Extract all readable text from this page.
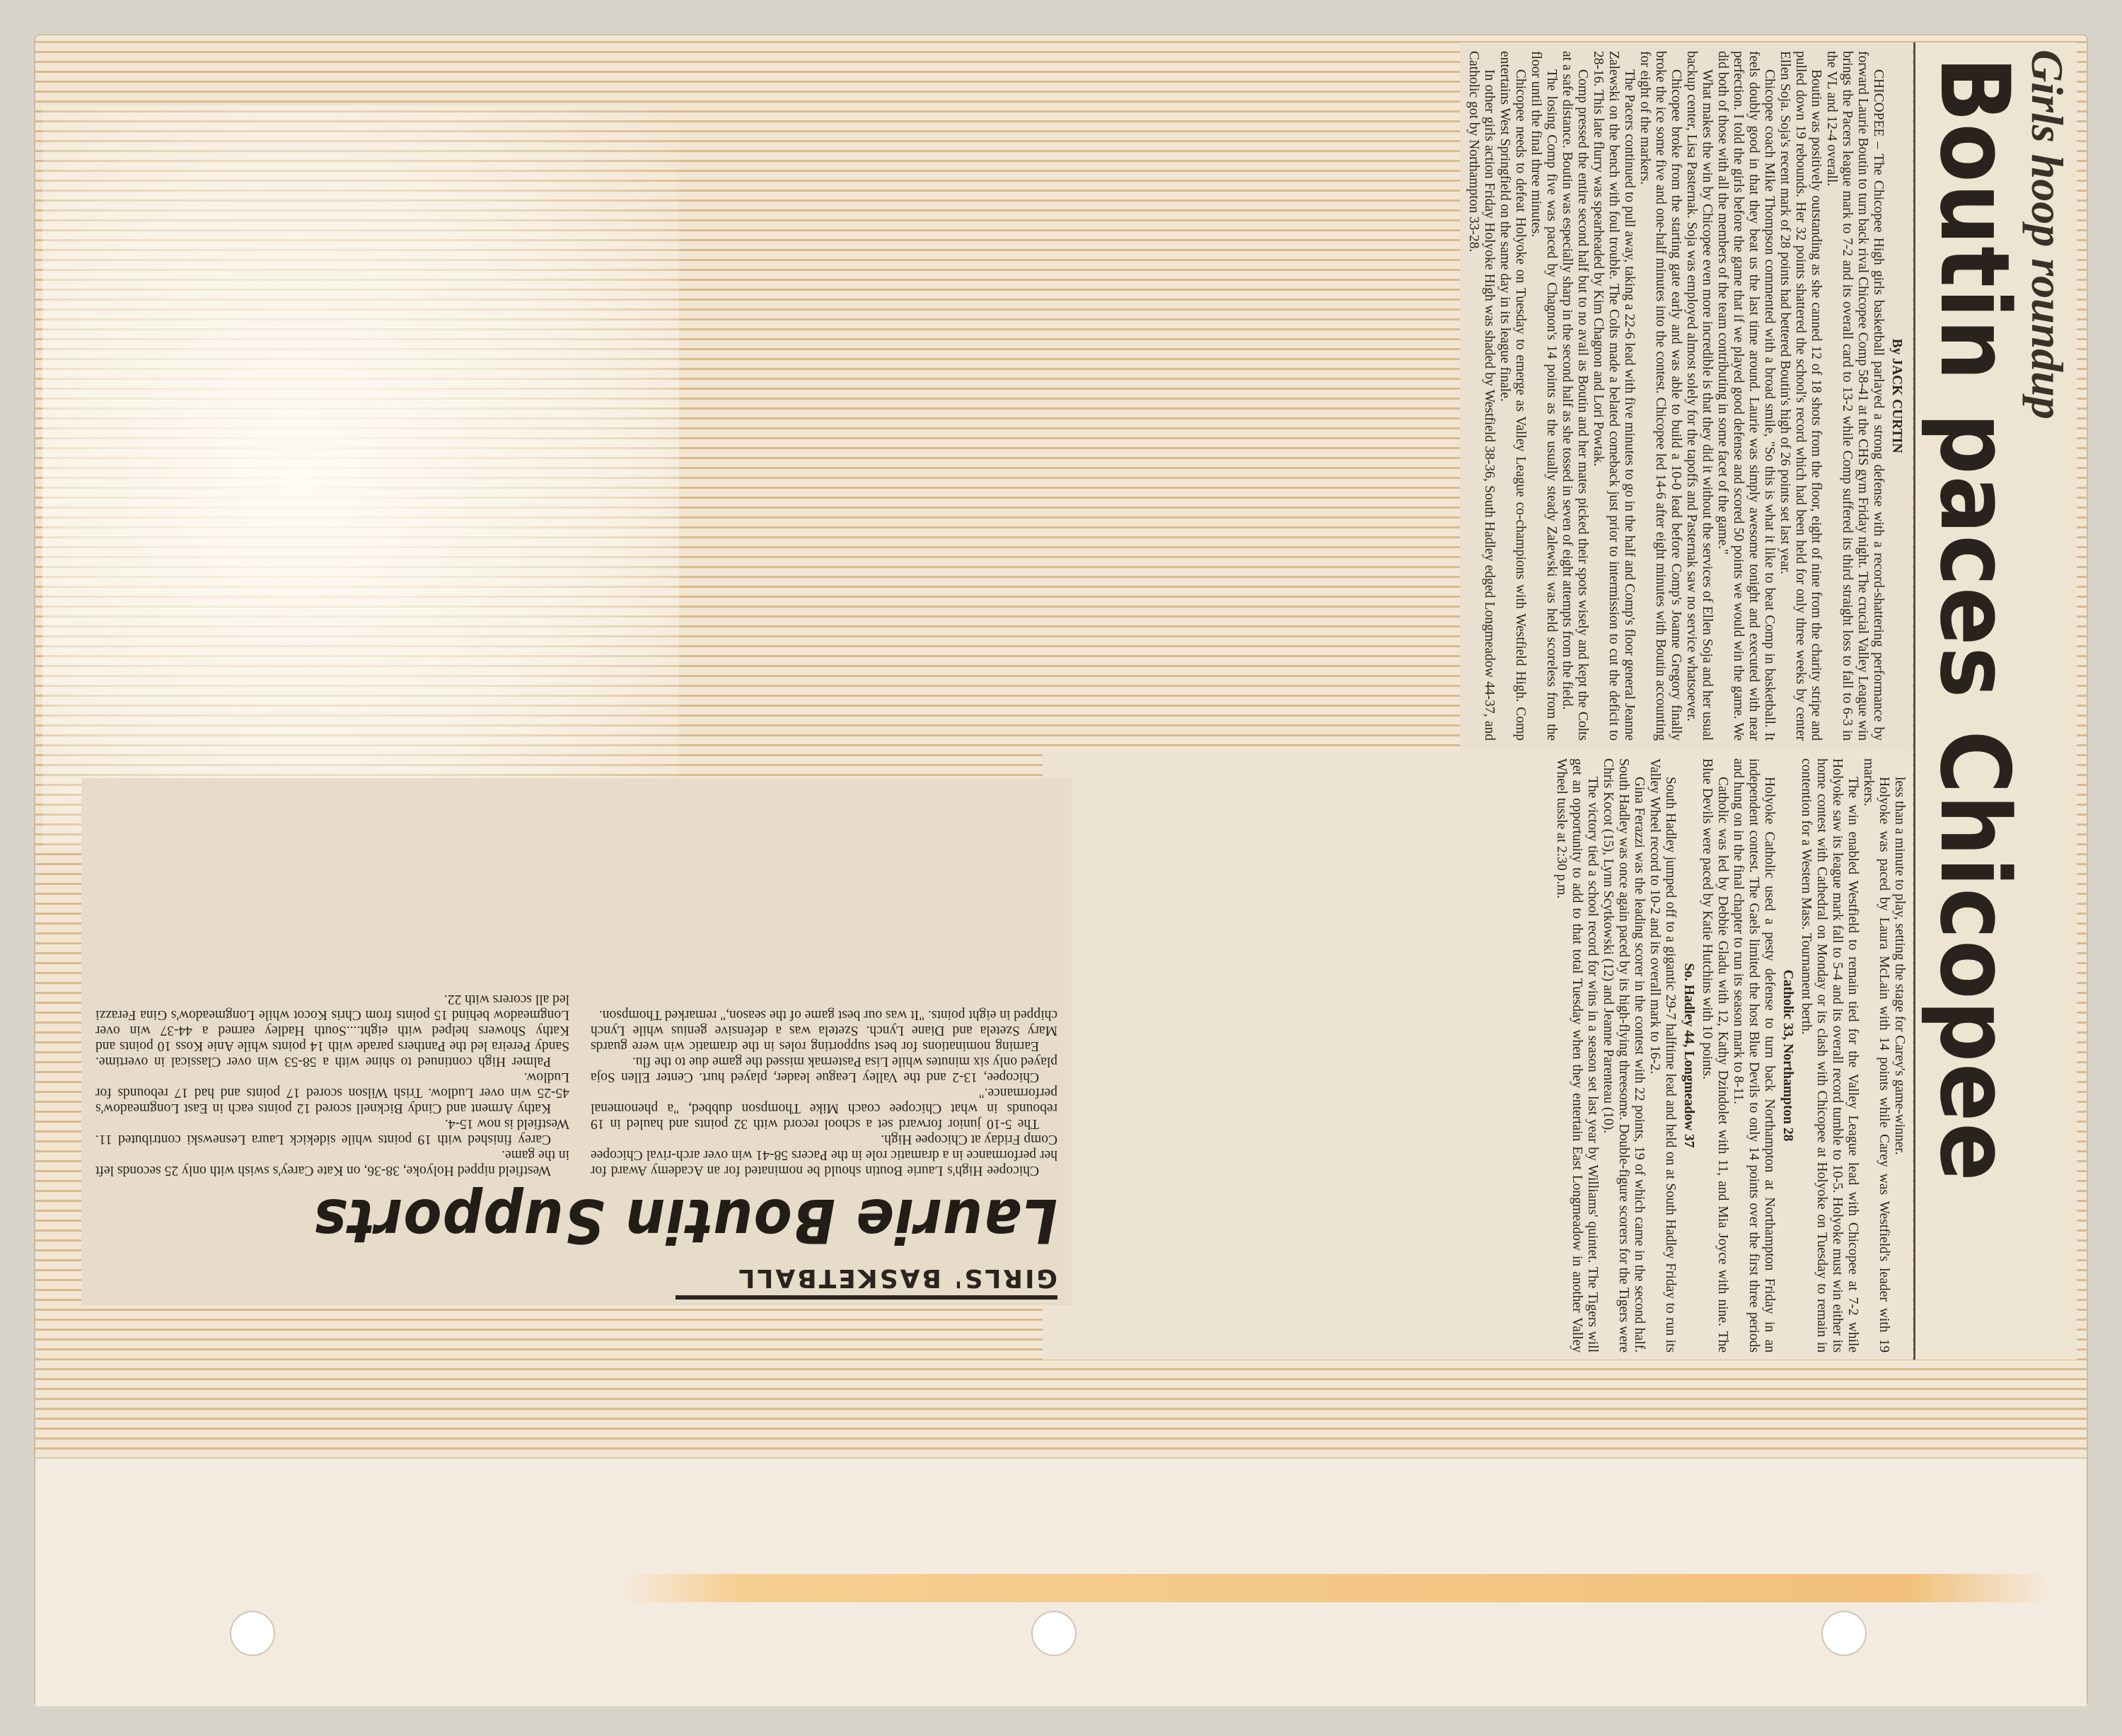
Girls hoop roundup
Boutin paces Chicopee

By JACK CURTIN

CHICOPEE – The Chicopee High girls basketball parlayed a strong defense with a record-shattering performance by forward Laurie Boutin to turn back rival Chicopee Comp 58-41 at the CHS gym Friday night. The crucial Valley League win brings the Pacers league mark to 7-2 and its overall card to 13-2 while Comp suffered its third straight loss to fall to 6-3 in the VL and 12-4 overall.

Boutin was positively outstanding as she canned 12 of 18 shots from the floor, eight of nine from the charity stripe and pulled down 19 rebounds. Her 32 points shattered the school's record which had been held for only three weeks by center Ellen Soja. Soja's recent mark of 28 points had bettered Boutin's high of 26 points set last year.

Chicopee coach Mike Thompson commented with a broad smile, "So this is what it like to beat Comp in basketball. It feels doubly good in that they beat us the last time around. Laurie was simply awesome tonight and executed with near perfection. I told the girls before the game that if we played good defense and scored 50 points we would win the game. We did both of those with all the members of the team contributing in some facet of the game."

What makes the win by Chicopee even more incredible is that they did it without the services of Ellen Soja and her usual backup center, Lisa Pasternak. Soja was employed almost solely for the tapoffs and Pasternak saw no service whatsoever.

Chicopee broke from the starting gate early and was able to build a 10-0 lead before Comp's Joanne Gregory finally broke the ice some five and one-half minutes into the contest. Chicopee led 14-6 after eight minutes with Boutin accounting for eight of the markers.

The Pacers continued to pull away, taking a 22-6 lead with five minutes to go in the half and Comp's floor general Jeanne Zalewski on the bench with foul trouble. The Colts made a belated comeback just prior to intermission to cut the deficit to 28-16. This late flurry was spearheaded by Kim Chagnon and Lori Powtak.

Comp pressed the entire second half but to no avail as Boutin and her mates picked their spots wisely and kept the Colts at a safe distance. Boutin was especially sharp in the second half as she tossed in seven of eight attempts from the field.

The losing Comp five was paced by Chagnon's 14 points as the usually steady Zalewski was held scoreless from the floor until the final three minutes.

Chicopee needs to defeat Holyoke on Tuesday to emerge as Valley League co-champions with Westfield High. Comp entertains West Springfield on the same day in its league finale.

In other girls action Friday Holyoke High was shaded by Westfield 38-36, South Hadley edged Longmeadow 44-37, and Catholic got by Northampton 33-28.

less than a minute to play, setting the stage for Carey's game-winner.

Holyoke was paced by Laura McLain with 14 points while Carey was Westfield's leader with 19 markers.

The win enabled Westfield to remain tied for the Valley League lead with Chicopee at 7-2 while Holyoke saw its league mark fall to 5-4 and its overall record tumble to 10-5. Holyoke must win either its home contest with Cathedral on Monday or its clash with Chicopee at Holyoke on Tuesday to remain in contention for a Western Mass. Tournament berth.

Catholic 33, Northampton 28

Holyoke Catholic used a pesty defense to turn back Northampton at Northampton Friday in an independent contest. The Gaels limited the host Blue Devils to only 14 points over the first three periods and hung on in the final chapter to run its season mark to 8-11.

Catholic was led by Debbie Gladu with 12, Kathy Dzindolet with 11, and Mia Joyce with nine. The Blue Devils were paced by Katie Hutchins with 10 points.

So. Hadley 44, Longmeadow 37

South Hadley jumped off to a gigantic 29-7 halftime lead and held on at South Hadley Friday to run its Valley Wheel record to 10-2 and its overall mark to 16-2.

Gina Ferazzi was the leading scorer in the contest with 22 points, 19 of which came in the second half. South Hadley was once again paced by its high-flying threesome. Double-figure scorers for the Tigers were Chris Kocot (15), Lynn Scytkowski (12) and Jeanne Parenteau (10).

The victory tied a school record for wins in a season set last year by Williams' quintet. The Tigers will get an opportunity to add to that total Tuesday when they entertain East Longmeadow in another Valley Wheel tussle at 2:30 p.m.

GIRLS' BASKETBALL
Laurie Boutin Supports

Chicopee High's Laurie Boutin should be nominated for an Academy Award for her performance in a dramatic role in the Pacers 58-41 win over arch-rival Chicopee Comp Friday at Chicopee High.

The 5-10 junior forward set a school record with 32 points and hauled in 19 rebounds in what Chicopee coach Mike Thompson dubbed, "a phenomenal performance."

Chicopee, 13-2 and the Valley League leader, played hurt. Center Ellen Soja played only six minutes while Lisa Pasternak missed the game due to the flu.

Earning nominations for best supporting roles in the dramatic win were guards Mary Szetela and Diane Lynch. Szetela was a defensive genius while Lynch chipped in eight points. "It was our best game of the season," remarked Thompson.

Westfield nipped Holyoke, 38-36, on Kate Carey's swish with only 25 seconds left in the game.

Carey finished with 19 points while sidekick Laura Lesnewski contributed 11. Westfield is now 15-4.

Kathy Arment and Cindy Bicknell scored 12 points each in East Longmeadow's 45-25 win over Ludlow. Trish Wilson scored 17 points and had 17 rebounds for Ludlow.

Palmer High continued to shine with a 58-53 win over Classical in overtime. Sandy Pereira led the Panthers parade with 14 points while Anie Koss 10 points and Kathy Showers helped with eight....South Hadley earned a 44-37 win over Longmeadow behind 15 points from Chris Kocot while Longmeadow's Gina Ferazzi led all scorers with 22.
